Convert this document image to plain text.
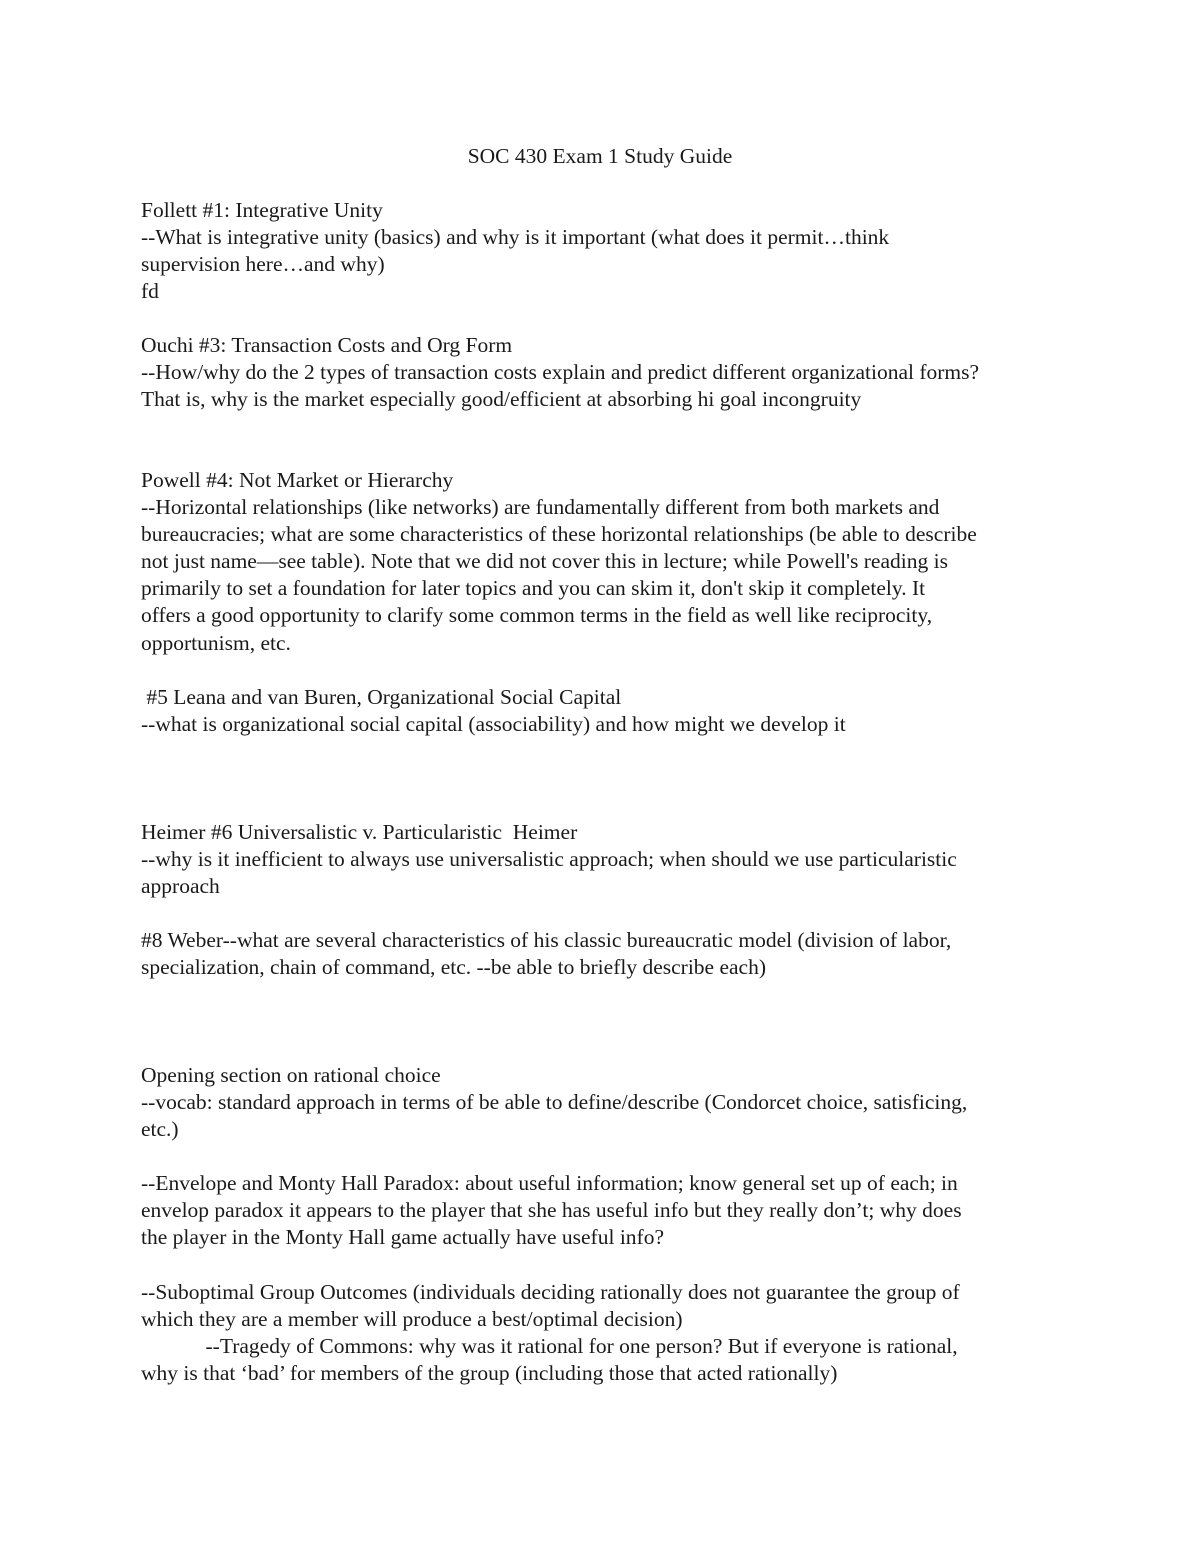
SOC 430 Exam 1 Study Guide
Follett #1: Integrative Unity
--What is integrative unity (basics) and why is it important (what does it permit…think
supervision here…and why)
fd
Ouchi #3: Transaction Costs and Org Form
--How/why do the 2 types of transaction costs explain and predict different organizational forms?
That is, why is the market especially good/efficient at absorbing hi goal incongruity
Powell #4: Not Market or Hierarchy
--Horizontal relationships (like networks) are fundamentally different from both markets and
bureaucracies; what are some characteristics of these horizontal relationships (be able to describe
not just name—see table). Note that we did not cover this in lecture; while Powell's reading is
primarily to set a foundation for later topics and you can skim it, don't skip it completely. It
offers a good opportunity to clarify some common terms in the field as well like reciprocity,
opportunism, etc.
#5 Leana and van Buren, Organizational Social Capital
--what is organizational social capital (associability) and how might we develop it
Heimer #6 Universalistic v. Particularistic  Heimer
--why is it inefficient to always use universalistic approach; when should we use particularistic
approach
#8 Weber--what are several characteristics of his classic bureaucratic model (division of labor,
specialization, chain of command, etc. --be able to briefly describe each)
Opening section on rational choice
--vocab: standard approach in terms of be able to define/describe (Condorcet choice, satisficing,
etc.)
--Envelope and Monty Hall Paradox: about useful information; know general set up of each; in
envelop paradox it appears to the player that she has useful info but they really don’t; why does
the player in the Monty Hall game actually have useful info?
--Suboptimal Group Outcomes (individuals deciding rationally does not guarantee the group of
which they are a member will produce a best/optimal decision)
--Tragedy of Commons: why was it rational for one person? But if everyone is rational,
why is that ‘bad’ for members of the group (including those that acted rationally)
